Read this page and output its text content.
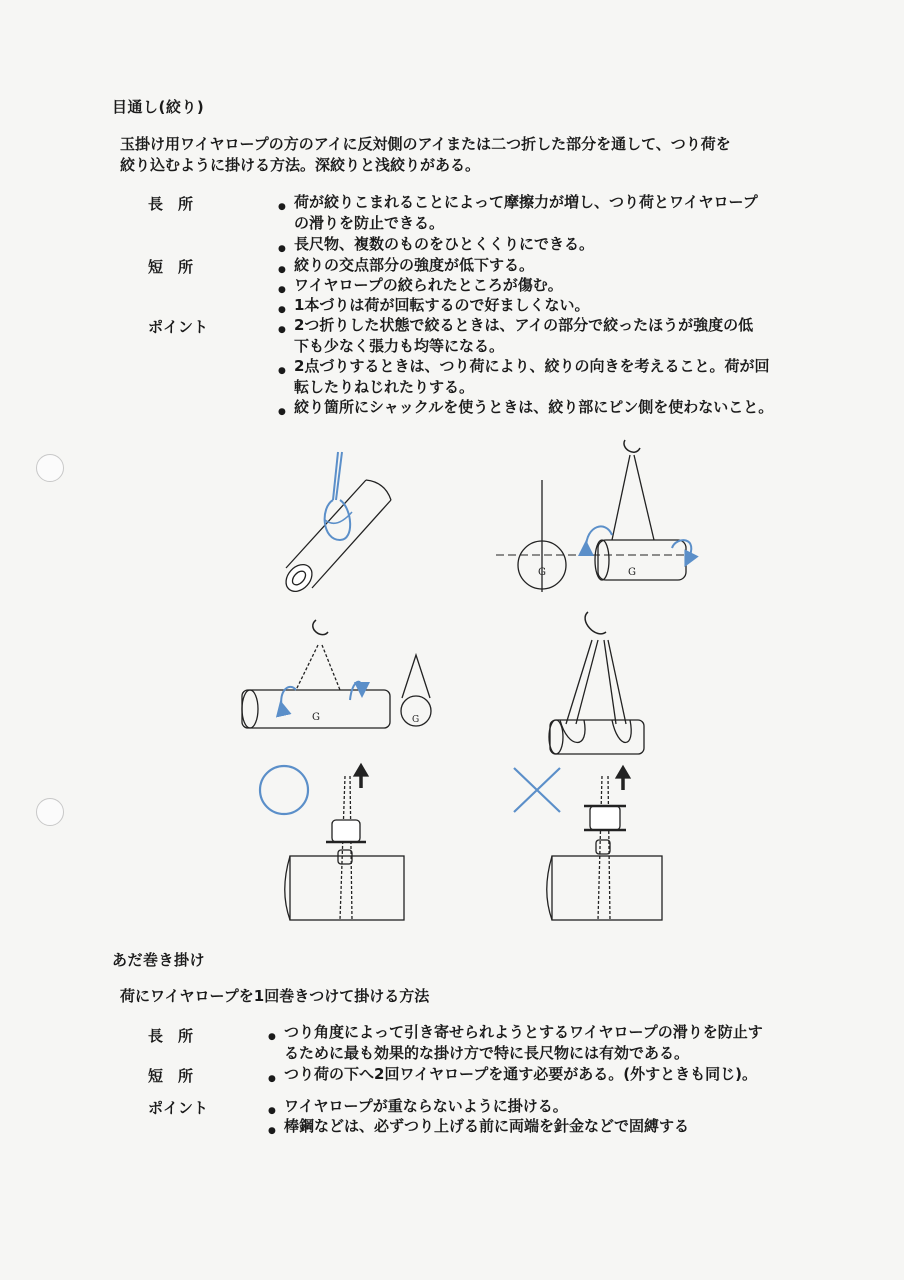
目通し(絞り)
玉掛け用ワイヤロープの方のアイに反対側のアイまたは二つ折した部分を通して、つり荷を
絞り込むように掛ける方法。深絞りと浅絞りがある。
長　所
短　所
ポイント
● 荷が絞りこまれることによって摩擦力が増し、つり荷とワイヤロープ
の滑りを防止できる。
● 長尺物、複数のものをひとくくりにできる。
● 絞りの交点部分の強度が低下する。
● ワイヤロープの絞られたところが傷む。
● 1本づりは荷が回転するので好ましくない。
● 2つ折りした状態で絞るときは、アイの部分で絞ったほうが強度の低
下も少なく張力も均等になる。
● 2点づりするときは、つり荷により、絞りの向きを考えること。荷が回
転したりねじれたりする。
● 絞り箇所にシャックルを使うときは、絞り部にピン側を使わないこと。
G	G
G	G
あだ巻き掛け
荷にワイヤロープを1回巻きつけて掛ける方法
長　所
短　所
ポイント
● つり角度によって引き寄せられようとするワイヤロープの滑りを防止す
るために最も効果的な掛け方で特に長尺物には有効である。
● つり荷の下へ2回ワイヤロープを通す必要がある。(外すときも同じ)。
● ワイヤロープが重ならないように掛ける。
● 棒鋼などは、必ずつり上げる前に両端を針金などで固縛する
